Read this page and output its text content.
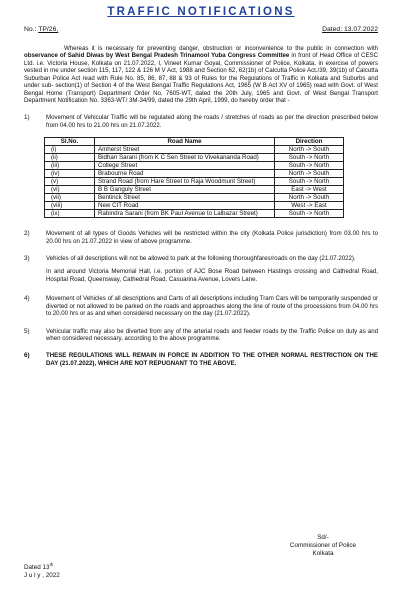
TRAFFIC NOTIFICATIONS
No.: TP/26,	Dated: 13.07.2022

Whereas it is necessary for preventing danger, obstruction or inconvenience to the public in connection with observance of Sahid Diwas by West Bengal Pradesh Trinamool Yuba Congress Committee in front of Head Office of CESC Ltd. i.e. Victoria House, Kolkata on 21.07.2022, I, Vineet Kumar Goyal, Commissioner of Police, Kolkata, in exercise of powers vested in me under section 115, 117, 122 & 126 M V Act, 1988 and Section 62, 62(1b) of Calcutta Police Act./39, 39(1b) of Calcutta Suburban Police Act read with Rule No. 85, 86, 87, 88 & 93 of Rules for the Regulations of Traffic in Kolkata and Suburbs and under sub- section(1) of Section 4 of the West Bengal Traffic Regulations Act, 1965 (W B Act XV of 1965) read with Govt. of West Bengal Home (Transport) Department Order No. 7605-WT, dated the 20th July, 1965 and Govt. of West Bengal Transport Department Notification No. 3363-WT/ 3M-34/99, dated the 29th April, 1999, do hereby order that -

1)	Movement of Vehicular Traffic will be regulated along the roads / stretches of roads as per the direction prescribed below from 04.00 hrs to 21.00 hrs on 21.07.2022.

Sl.No.	Road Name	Direction
(i)	Amherst Street	North -> South
(ii)	Bidhan Sarani (from K C Sen Street to Vivekananda Road)	South -> North
(iii)	College Street	South -> North
(iv)	Brabourne Road	North -> South
(v)	Strand Road (from Hare Street to Raja Woodmunt Street)	South -> North
(vi)	B B Ganguly Street	East -> West
(vii)	Bentinck Street	North -> South
(viii)	New CIT Road	West -> East
(ix)	Rabindra Sarani (from BK Paul Avenue to Lalbazar Street)	South -> North
2)	Movement of all types of Goods Vehicles will be restricted within the city (Kolkata Police jurisdiction) from 03.00 hrs to 20.00 hrs on 21.07.2022 in view of above programme.

3)	Vehicles of all descriptions will not be allowed to park at the following thoroughfares/roads on the day (21.07.2022).

In and around Victoria Memorial Hall, i.e. portion of AJC Bose Road between Hastings crossing and Cathedral Road, Hospital Road, Queensway, Cathedral Road, Casuarina Avenue, Lovers Lane.

4)	Movement of Vehicles of all descriptions and Carts of all descriptions including Tram Cars will be temporarily suspended or diverted or not allowed to be parked on the roads and approaches along the line of route of the processions from 04.00 hrs to 20.00 hrs or as and when considered necessary on the day (21.07.2022).

5)	Vehicular traffic may also be diverted from any of the arterial roads and feeder roads by the Traffic Police on duty as and when considered necessary, according to the above programme.

6)	THESE REGULATIONS WILL REMAIN IN FORCE IN ADDITION TO THE OTHER NORMAL RESTRICTION ON THE DAY (21.07.2022), WHICH ARE NOT REPUGNANT TO THE ABOVE.

Dated 13th
J u l y , 2022
Sd/-
Commissioner of Police
Kolkata
